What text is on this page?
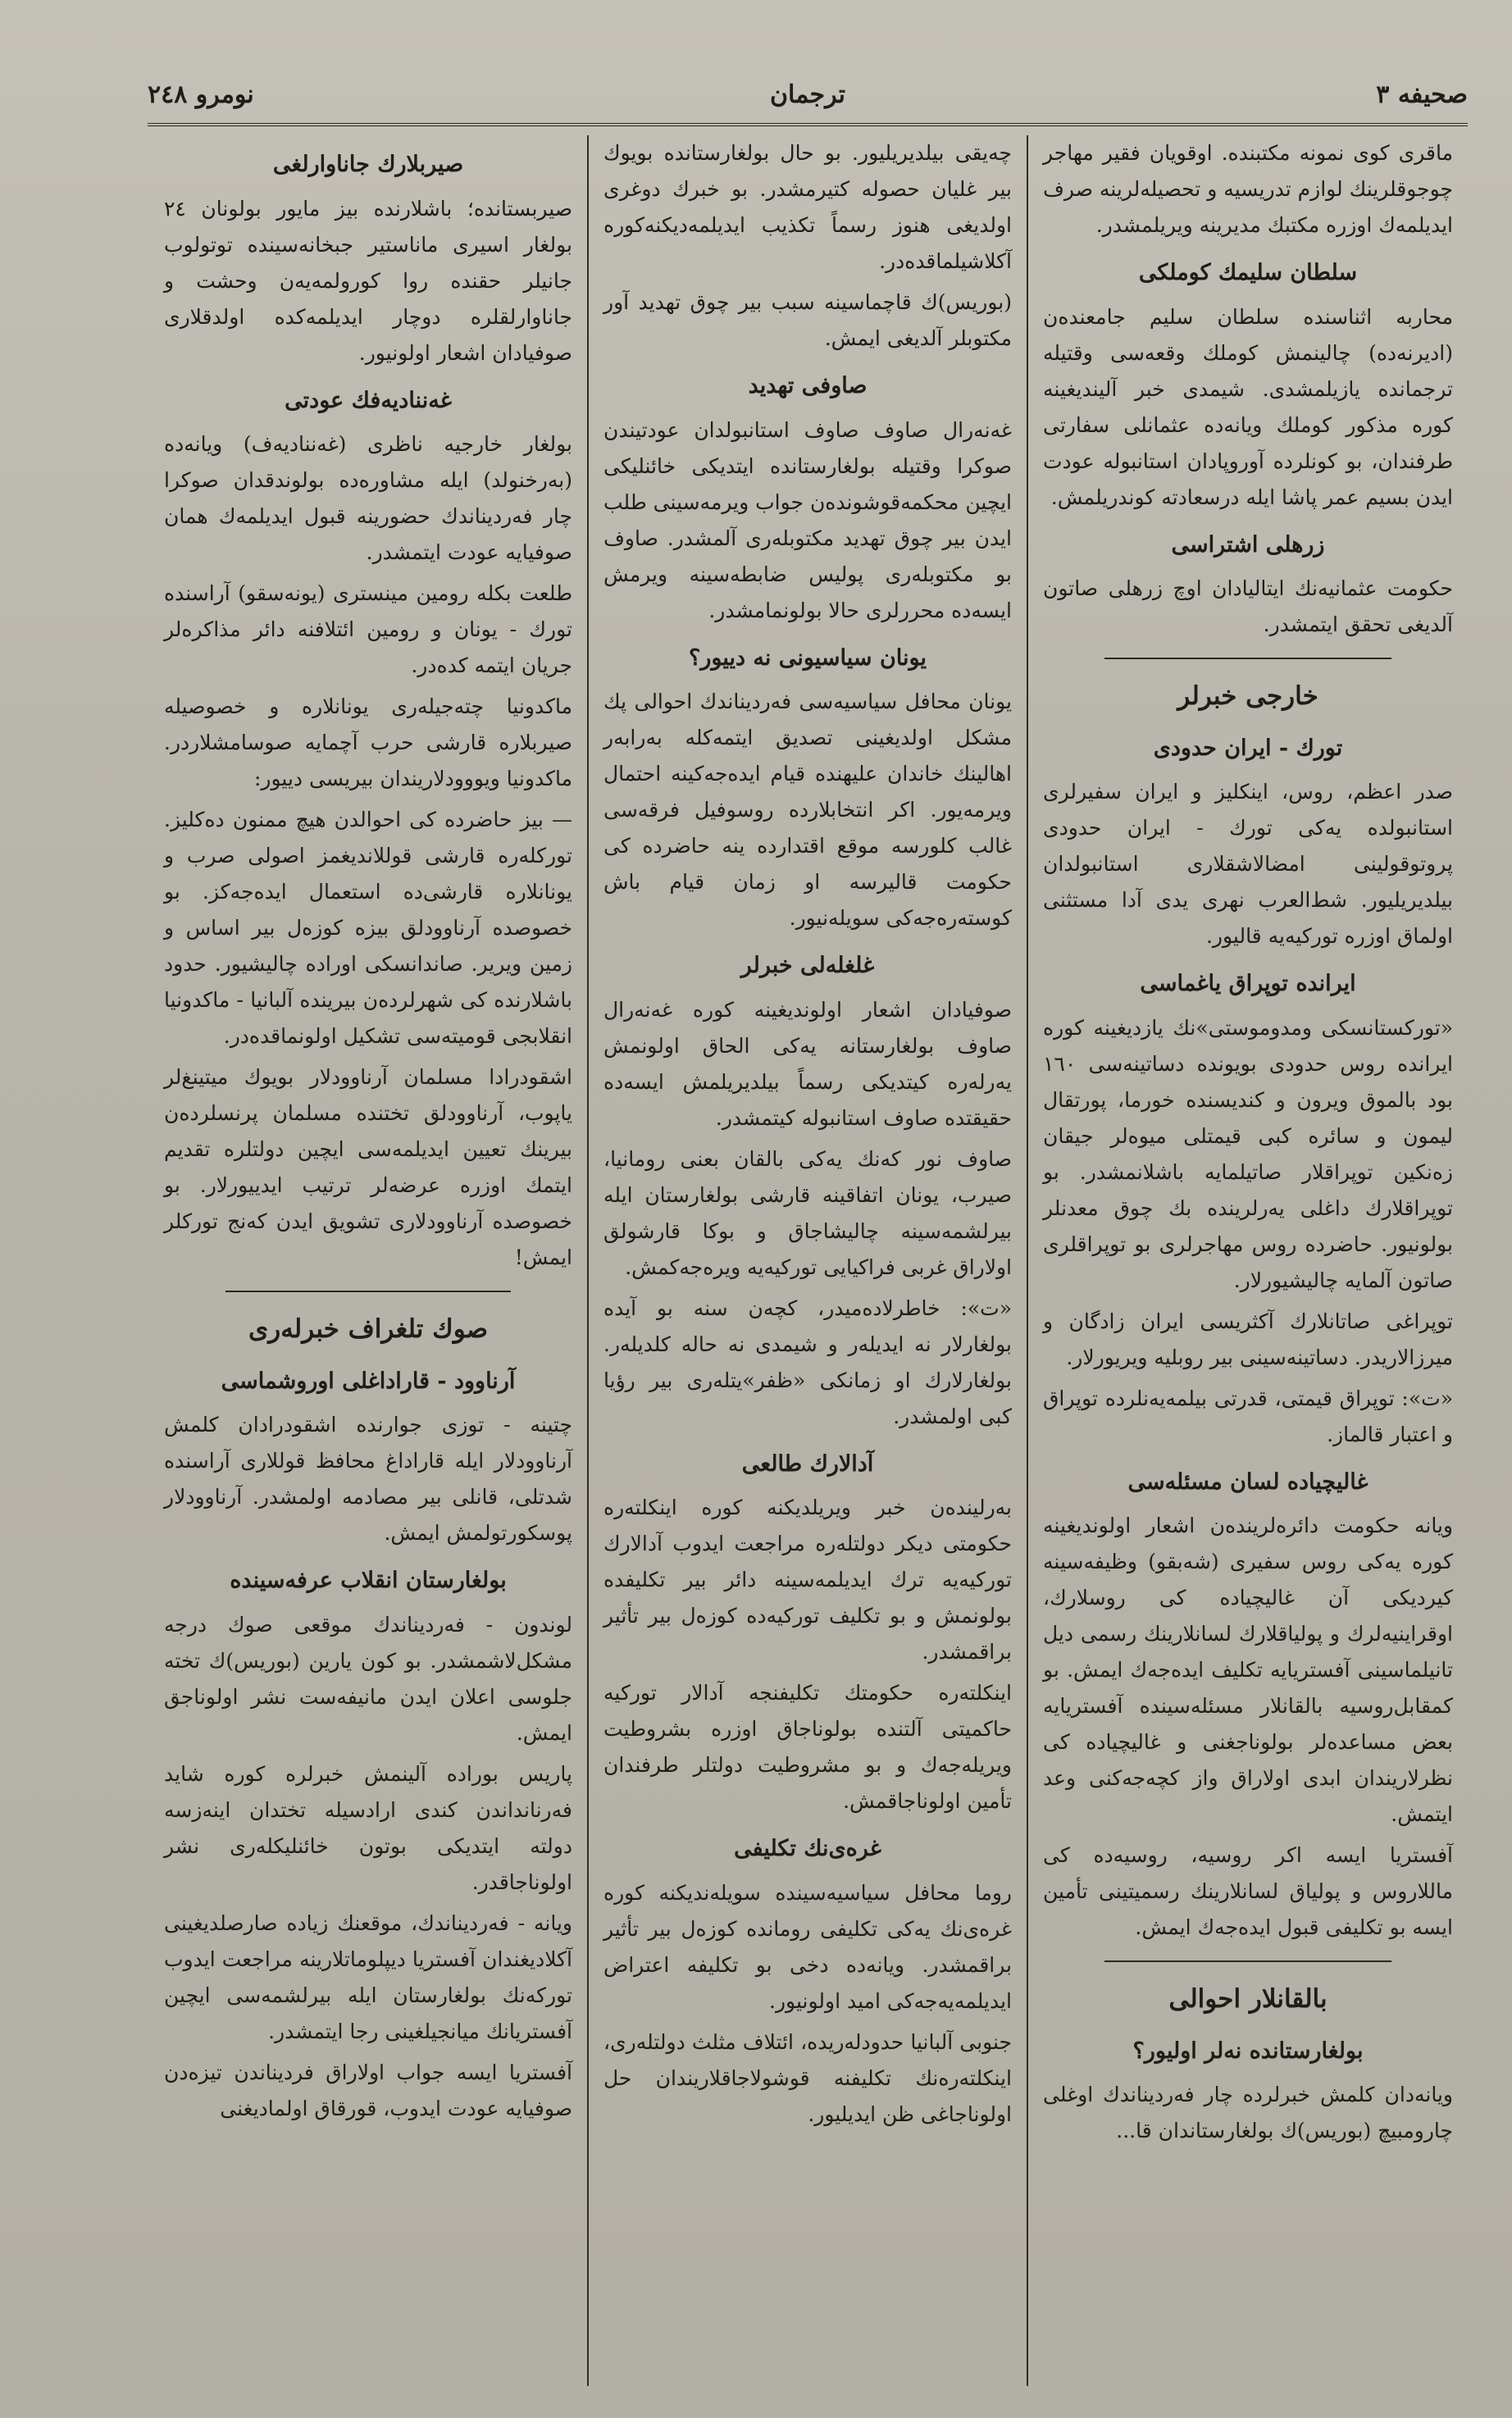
نومرو ٢٤٨	ترجمان	صحیفه ۳

ماقری کوی نمونه مکتبنده. اوقویان فقیر مهاجر چوجوقلرینك لوازم تدریسیه و تحصیله‌لرینه صرف ایدیلمه‌ك اوزره مکتبك مدیرینه ویریلمشدر.

سلطان سلیمك کوملکی

محاربه اثناسنده سلطان سلیم جامعنده‌ن (ادیرنه‌ده) چالینمش کوملك وقعه‌سی وقتیله ترجمانده یازیلمشدی. شیمدی خبر آلیندیغینه کوره مذکور کوملك ویانه‌ده عثمانلی سفارتی طرفندان، بو کونلرده آوروپادان استانبوله عودت ایدن بسیم عمر پاشا ایله درسعادته کوندریلمش.

زرهلی اشتراسی

حکومت عثمانیه‌نك ایتالیادان اوچ زرهلی صاتون آلدیغی تحقق ایتمشدر.

خارجی خبرلر
تورك - ایران حدودی

صدر اعظم، روس، اینکلیز و ایران سفیرلری استانبولده یه‌کی تورك - ایران حدودی پروتوقولینی امضالاشقلاری استانبولدان بیلدیریلیور. شط‌العرب نهری یدی آدا مستثنی اولماق اوزره تورکیه‌یه قالیور.

ایرانده توپراق یاغماسی

«تورکستانسکی ومدوموستی»نك یازدیغینه کوره ایرانده روس حدودی بویونده دساتینه‌سی ١٦٠ بود بالموق ویرون و کندیسنده خورما، پورتقال لیمون و سائره کبی قیمتلی میوه‌لر جیقان زه‌نکین توپراقلار صاتیلمایه باشلانمشدر. بو توپراقلارك داغلی یه‌رلرینده بك چوق معدنلر بولونیور. حاضرده روس مهاجرلری بو توپراقلری صاتون آلمایه چالیشیورلار.

توپراغی صاتانلارك آکثریسی ایران زادگان و میرزالاریدر. دساتینه‌سینی بیر روبلیه ویریورلار.

«ت»: توپراق قیمتی، قدرتی بیلمه‌یه‌نلرده توپراق و اعتبار قالماز.

غالیچیاده لسان مسئله‌سی

ویانه حکومت دائره‌لرینده‌ن اشعار اولوندیغینه کوره یه‌کی روس سفیری (شه‌بقو) وظیفه‌سینه کیردیکی آن غالیچیاده کی روسلارك، اوقراینیه‌لرك و پولیاقلارك لسانلارینك رسمی دیل تانیلماسینی آفستریایه تکلیف ایده‌جه‌ك ایمش. بو کمقابل‌روسیه بالقانلار مسئله‌سینده آفستریایه بعض مساعده‌لر بولوناجغنی و غالیچیاده کی نظرلاریندان ابدی اولاراق واز کچه‌جه‌کنی وعد ایتمش.

آفستریا ایسه اکر روسیه، روسیه‌ده کی ماللاروس و پولیاق لسانلارینك رسمیتینی تأمین ایسه بو تکلیفی قبول ایده‌جه‌ك ایمش.

بالقانلار احوالی
بولغارستانده نه‌لر اولیور؟

ویانه‌دان کلمش خبرلرده چار فه‌ردیناندك اوغلی چارومبیچ (بوریس)ك بولغارستاندان قا...

چه‌یقی بیلدیریلیور. بو حال بولغارستانده بویوك بیر غلیان حصوله کتیرمشدر. بو خبرك دوغری اولدیغی هنوز رسماً تکذیب ایدیلمه‌دیکنه‌کوره آکلاشیلماقده‌در.

(بوریس)ك قاچماسینه سبب بیر چوق تهدید آور مکتوبلر آلدیغی ایمش.

صاوفی تهدید

غه‌نه‌رال صاوف صاوف استانبولدان عودتیندن صوکرا وقتیله بولغارستانده ایتدیکی خائنلیکی ایچین محکمه‌قوشونده‌ن جواب ویرمه‌سینی طلب ایدن بیر چوق تهدید مکتوبله‌ری آلمشدر. صاوف بو مکتوبله‌ری پولیس ضابطه‌سینه ویرمش ایسه‌ده محررلری حالا بولونمامشدر.

یونان سیاسیونی نه دییور؟

یونان محافل سیاسیه‌سی فه‌ردیناندك احوالی پك مشکل اولدیغینی تصدیق ایتمه‌کله به‌رابه‌ر اهالینك خاندان علیهنده قیام ایده‌جه‌کینه احتمال ویرمه‌یور. اکر انتخابلارده روسوفیل فرقه‌سی غالب کلورسه موقع اقتدارده ینه حاضرده کی حکومت قالیرسه او زمان قیام باش کوسته‌ره‌جه‌کی سویله‌نیور.

غلغله‌لی خبرلر

صوفیادان اشعار اولوندیغینه کوره غه‌نه‌رال صاوف بولغارستانه یه‌کی الحاق اولونمش یه‌رله‌ره کیتدیکی رسماً بیلدیریلمش ایسه‌ده حقیقتده صاوف استانبوله کیتمشدر.

صاوف نور که‌نك یه‌کی بالقان بعنی رومانیا، صیرب، یونان اتفاقینه قارشی بولغارستان ایله بیرلشمه‌سینه چالیشاجاق و بوکا قارشولق اولاراق غربی فراکیایی تورکیه‌یه ویره‌جه‌کمش.

«ت»: خاطرلاده‌میدر، کچه‌ن سنه بو آیده بولغارلار نه ایدیله‌ر و شیمدی نه حاله کلدیله‌ر. بولغارلارك او زمانکی «ظفر»یتله‌ری بیر رؤیا کبی اولمشدر.

آدالارك طالعی

به‌رلینده‌ن خبر ویریلدیکنه کوره اینکلته‌ره حکومتی دیکر دولتله‌ره مراجعت ایدوب آدالارك تورکیه‌یه ترك ایدیلمه‌سینه دائر بیر تکلیفده بولونمش و بو تکلیف تورکیه‌ده کوزه‌ل بیر تأثیر براقمشدر.

اینکلته‌ره حکومتك تکلیفنجه آدالار تورکیه حاکمیتی آلتنده بولوناجاق اوزره بشروطیت ویریله‌جه‌ك و بو مشروطیت دولتلر طرفندان تأمین اولوناجاقمش.

غره‌ی‌نك تکلیفی

روما محافل سیاسیه‌سینده سویله‌ندیکنه کوره غره‌ی‌نك یه‌کی تکلیفی رومانده کوزه‌ل بیر تأثیر براقمشدر. ویانه‌ده دخی بو تکلیفه اعتراض ایدیلمه‌یه‌جه‌کی امید اولونیور.

جنوبی آلبانیا حدودله‌ریده، ائتلاف مثلث دولتله‌ری، اینکلته‌ره‌نك تکلیفنه قوشولاجاقلاریندان حل اولوناجاغی ظن ایدیلیور.

صیربلارك جاناوارلغی

صیربستانده‌؛ باشلارنده بیز مایور بولونان ٢٤ بولغار اسیری ماناستیر جبخانه‌سینده توتولوب جانیلر حقنده روا کورولمه‌یه‌ن وحشت و جاناوارلقلره دوچار ایدیلمه‌کده اولدقلاری صوفیادان اشعار اولونیور.

غه‌ننادیه‌فك عودتی

بولغار خارجیه ناظری (غه‌ننادیه‌ف) ویانه‌ده (به‌رخنولد) ایله مشاوره‌ده بولوندقدان صوکرا چار فه‌ردیناندك حضورینه قبول ایدیلمه‌ك همان صوفیایه عودت ایتمشدر.

طلعت بکله رومین مینستری (یونه‌سقو) آراسنده تورك - یونان و رومین ائتلافنه دائر مذاکره‌لر جریان ایتمه کده‌در.

ماکدونیا چته‌جیله‌ری یونانلاره و خصوصیله صیربلاره قارشی حرب آچمایه صوسامشلاردر. ماکدونیا ویووودلاریندان بیریسی دییور:

— بیز حاضرده کی احوالدن هیچ ممنون ده‌کلیز. تورکله‌ره قارشی قوللاندیغمز اصولی صرب و یونانلاره قارشی‌ده استعمال ایده‌جه‌کز. بو خصوصده آرناوودلق بیزه کوزه‌ل بیر اساس و زمین ویریر. صاندانسکی اوراده چالیشیور. حدود باشلارنده کی شهرلرده‌ن بیرینده آلبانیا - ماکدونیا انقلابجی قومیته‌سی تشکیل اولونماقده‌در.

اشقودرادا مسلمان آرناوودلار بویوك میتینغ‌لر یاپوب، آرناوودلق تختنده مسلمان پرنسلرده‌ن بیرینك تعیین ایدیلمه‌سی ایچین دولتلره تقدیم ایتمك اوزره عرضه‌لر ترتیب ایدییورلار. بو خصوصده آرناوودلاری تشویق ایدن که‌نج تورکلر ایمش!

صوك تلغراف خبرله‌ری
آرناوود - قاراداغلی اوروشماسی

چتینه - توزی جوارنده اشقودرادان کلمش آرناوودلار ایله قاراداغ محافظ قوللاری آراسنده شدتلی، قانلی بیر مصادمه اولمشدر. آرناوودلار پوسکورتولمش ایمش.

بولغارستان انقلاب عرفه‌سینده

لوندون - فه‌ردیناندك موقعی صوك درجه مشکل‌لاشمشدر. بو کون یارین (بوریس)ك تخته جلوسی اعلان ایدن مانیفه‌ست نشر اولوناجق ایمش.

پاریس بوراده آلینمش خبرلره کوره شاید فه‌رنانداندن کندی ارادسیله تختدان اینه‌زسه دولته ایتدیکی بوتون خائنلیکله‌ری نشر اولوناجاقدر.

ویانه - فه‌ردیناندك، موقعنك زیاده صارصلدیغینی آکلادیغندان آفستریا دیپلوماتلارینه مراجعت ایدوب تورکه‌نك بولغارستان ایله بیرلشمه‌سی ایچین آفستریانك میانجیلغینی رجا ایتمشدر.

آفستریا ایسه جواب اولاراق فردیناندن تیزه‌دن صوفیایه عودت ایدوب، قورقاق اولمادیغنی
